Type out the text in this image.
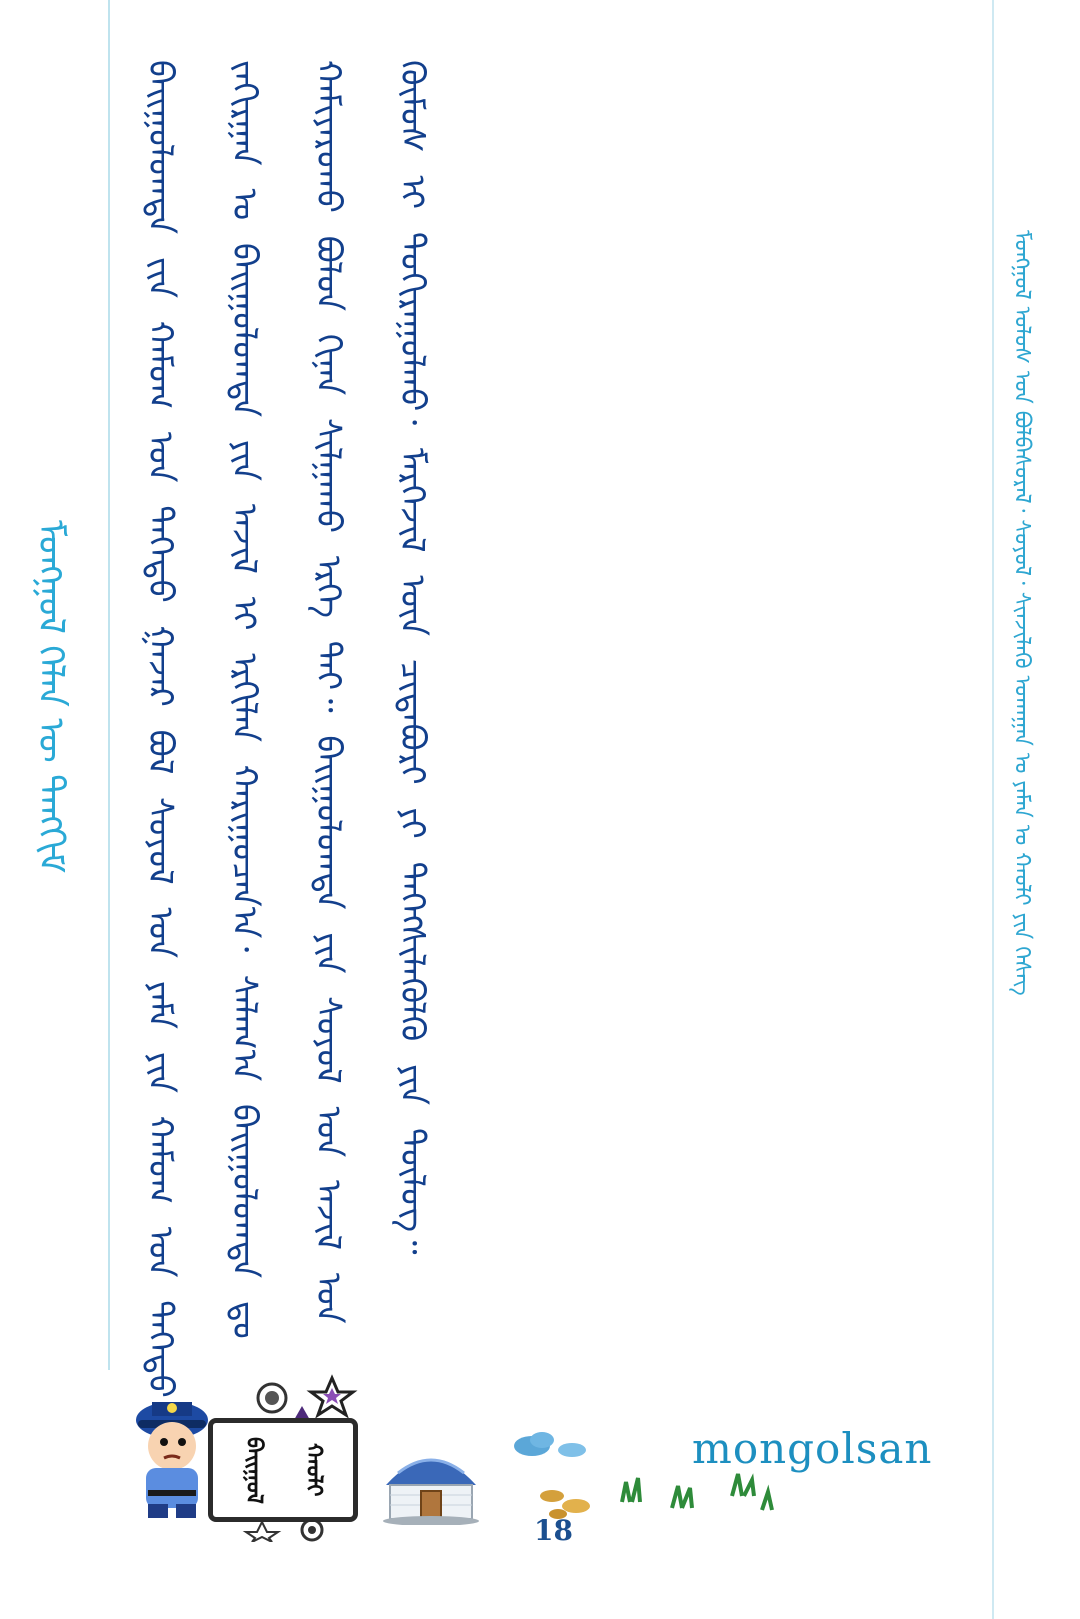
ᠮᠣᠩᠭᠣᠯ ᠬᠡᠯᠡᠨ ᠦ ᠲᠠᠩᠬᠢᠮ	ᠪᠠᠢᠭᠤᠯᠤᠭᠳᠠ ᠵᠢᠨ ᠬᠠᠮᠤᠭ ᠤᠨ ᠳᠡᠭᠡᠳᠦ ᠭᠠᠵᠠᠷ ᠪᠣᠯ ᠰᠣᠶᠣᠯ ᠤᠨ ᠶᠠᠮᠠ ᠶᠢᠨ ᠬᠠᠮᠤᠭ ᠤᠨ ᠳᠡᠭᠡᠳᠦ ᠵᠠᠬᠢᠷᠭᠠᠨ ᠤ ᠪᠠᠢᠭᠤᠯᠤᠭᠳᠠ ᠶᠢᠨ ᠠᠵᠢᠯ ᠢ ᠡᠷᠬᠢᠯᠡᠨ ᠬᠠᠷᠢᠭᠤᠴᠠᠨ᠎ᠠ᠂ ᠰᠠᠯᠠᠭ᠎ᠠ ᠪᠠᠢᠭᠤᠯᠤᠭᠳᠠ ᠳᠤ ᠬᠠᠮᠢᠶᠠᠷᠤᠬᠤ ᠪᠣᠯᠤᠨ ᠬᠢᠨᠠᠨ ᠰᠢᠯᠭᠠᠬᠤ ᠡᠷᠬᠡ ᠲᠠᠢ᠃ ᠪᠠᠢᠭᠤᠯᠤᠭᠳᠠ ᠶᠢᠨ ᠰᠣᠶᠣᠯ ᠤᠨ ᠠᠵᠢᠯ ᠤᠨ ᠬᠦᠮᠦᠰ ᠢ ᠲᠣᠬᠢᠷᠠᠭᠤᠯᠬᠤ᠂ ᠮᠡᠷᠭᠡᠵᠢᠯ ᠦᠨ ᠴᠢᠳᠠᠪᠦᠷᠢ ᠶᠢ ᠳᠡᠭᠡᠭᠰᠢᠯᠡᠭᠦᠯᠬᠦ ᠶᠢᠨ ᠲᠥᠯᠦᠭ᠃	ᠮᠣᠩᠭᠣᠯ ᠤᠯᠤᠰ ᠤᠨ ᠪᠣᠯᠪᠠᠰᠤᠷᠠᠯ᠂ ᠰᠣᠶᠣᠯ᠂ ᠰᠢᠨᠵᠢᠯᠡᠬᠦ ᠤᠬᠠᠭᠠᠨ ᠤ ᠶᠠᠮᠠᠨ ᠤ ᠬᠠᠤᠯᠢ ᠶᠢᠨ ᠬᠡᠰᠡᠭ
ᠪᠠᠢᠭᠤᠯ	ᠬᠠᠤᠯᠢ	mongolsan
18
